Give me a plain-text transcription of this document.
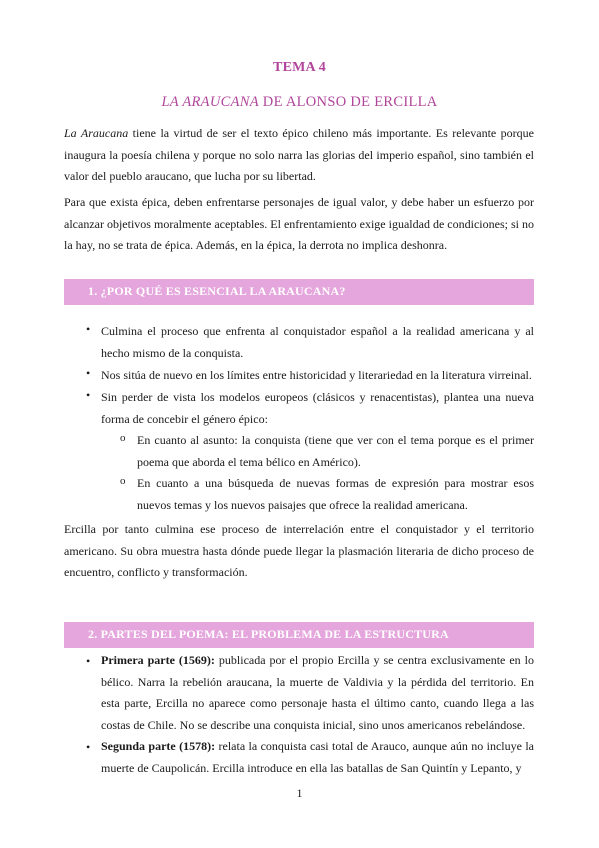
TEMA 4
LA ARAUCANA DE ALONSO DE ERCILLA
La Araucana tiene la virtud de ser el texto épico chileno más importante. Es relevante porque inaugura la poesía chilena y porque no solo narra las glorias del imperio español, sino también el valor del pueblo araucano, que lucha por su libertad.
Para que exista épica, deben enfrentarse personajes de igual valor, y debe haber un esfuerzo por alcanzar objetivos moralmente aceptables. El enfrentamiento exige igualdad de condiciones; si no la hay, no se trata de épica. Además, en la épica, la derrota no implica deshonra.
1. ¿POR QUÉ ES ESENCIAL LA ARAUCANA?
• Culmina el proceso que enfrenta al conquistador español a la realidad americana y al hecho mismo de la conquista.
• Nos sitúa de nuevo en los límites entre historicidad y literariedad en la literatura virreinal.
• Sin perder de vista los modelos europeos (clásicos y renacentistas), plantea una nueva forma de concebir el género épico:
o En cuanto al asunto: la conquista (tiene que ver con el tema porque es el primer poema que aborda el tema bélico en Américo).
o En cuanto a una búsqueda de nuevas formas de expresión para mostrar esos nuevos temas y los nuevos paisajes que ofrece la realidad americana.
Ercilla por tanto culmina ese proceso de interrelación entre el conquistador y el territorio americano. Su obra muestra hasta dónde puede llegar la plasmación literaria de dicho proceso de encuentro, conflicto y transformación.
2. PARTES DEL POEMA: EL PROBLEMA DE LA ESTRUCTURA
• Primera parte (1569): publicada por el propio Ercilla y se centra exclusivamente en lo bélico. Narra la rebelión araucana, la muerte de Valdivia y la pérdida del territorio. En esta parte, Ercilla no aparece como personaje hasta el último canto, cuando llega a las costas de Chile. No se describe una conquista inicial, sino unos americanos rebelándose.
• Segunda parte (1578): relata la conquista casi total de Arauco, aunque aún no incluye la muerte de Caupolicán. Ercilla introduce en ella las batallas de San Quintín y Lepanto, y
1
